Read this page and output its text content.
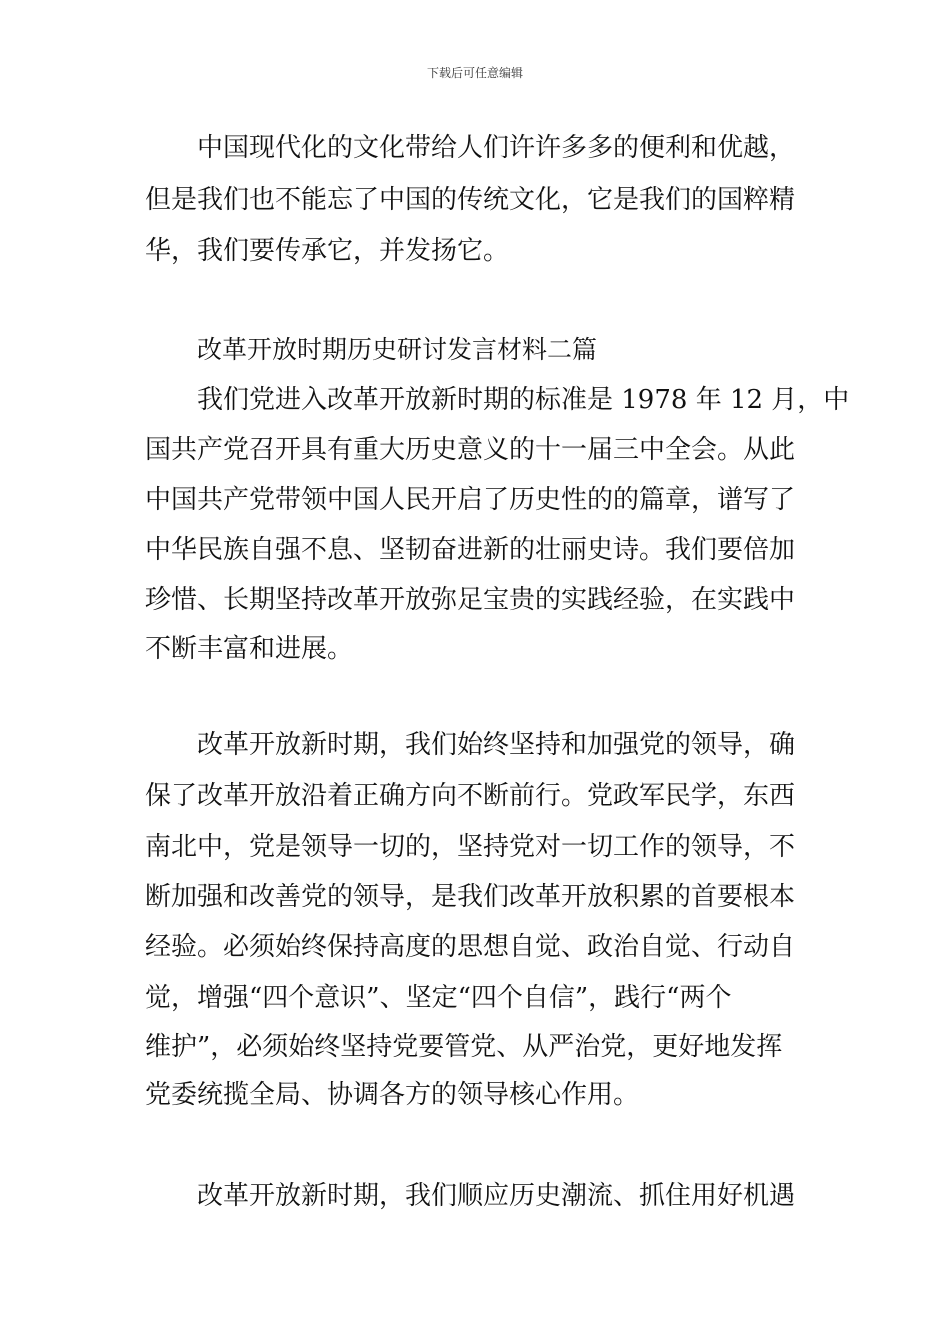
下载后可任意编辑
中国现代化的文化带给人们许许多多的便利和优越，
但是我们也不能忘了中国的传统文化，它是我们的国粹精
华，我们要传承它，并发扬它。
改革开放时期历史研讨发言材料二篇
我们党进入改革开放新时期的标准是 1978 年 12 月，中
国共产党召开具有重大历史意义的十一届三中全会。从此
中国共产党带领中国人民开启了历史性的的篇章，谱写了
中华民族自强不息、坚韧奋进新的壮丽史诗。我们要倍加
珍惜、长期坚持改革开放弥足宝贵的实践经验，在实践中
不断丰富和进展。
改革开放新时期，我们始终坚持和加强党的领导，确
保了改革开放沿着正确方向不断前行。党政军民学，东西
南北中，党是领导一切的，坚持党对一切工作的领导，不
断加强和改善党的领导，是我们改革开放积累的首要根本
经验。必须始终保持高度的思想自觉、政治自觉、行动自
觉，增强“四个意识”、坚定“四个自信”，践行“两个
维护”，必须始终坚持党要管党、从严治党，更好地发挥
党委统揽全局、协调各方的领导核心作用。
改革开放新时期，我们顺应历史潮流、抓住用好机遇
